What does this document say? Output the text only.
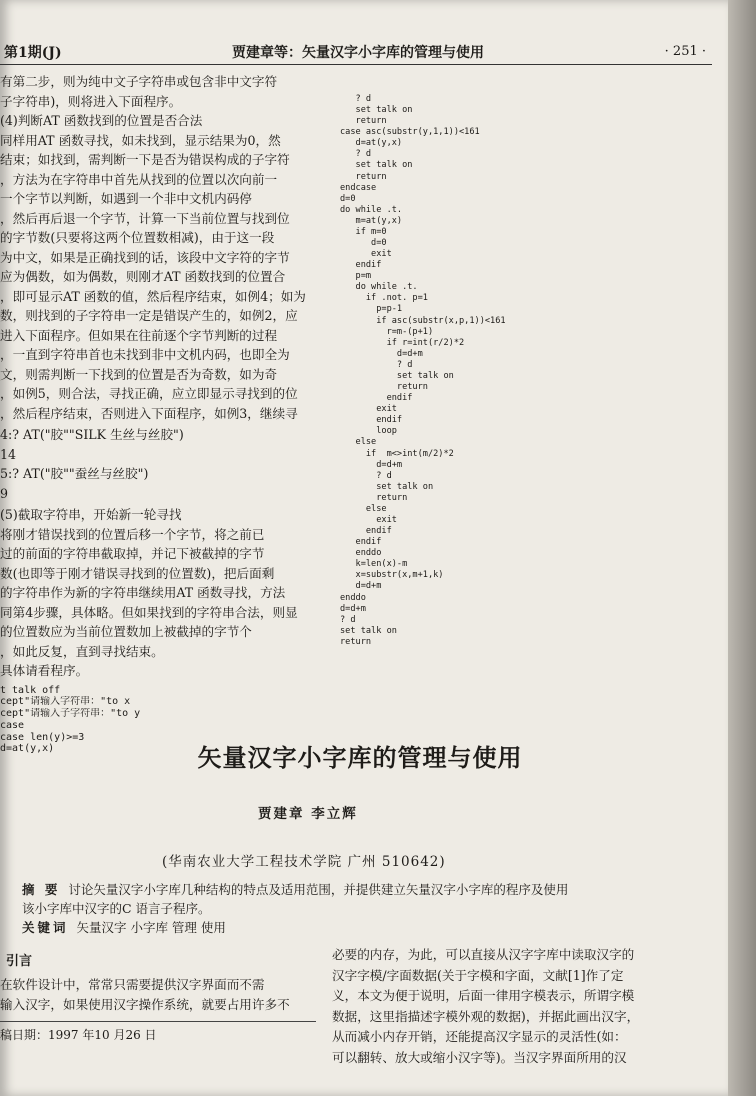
第1期(J)	贾建章等：矢量汉字小字库的管理与使用	· 251 ·

有第二步，则为纯中文子字符串或包含非中文字符

子字符串)，则将进入下面程序。

(4)判断AT 函数找到的位置是否合法

同样用AT 函数寻找，如未找到，显示结果为0，然

结束；如找到，需判断一下是否为错误构成的子字符

，方法为在字符串中首先从找到的位置以次向前一

一个字节以判断，如遇到一个非中文机内码停

，然后再后退一个字节，计算一下当前位置与找到位

的字节数(只要将这两个位置数相减)，由于这一段

为中文，如果是正确找到的话，该段中文字符的字节

应为偶数，如为偶数，则刚才AT 函数找到的位置合

，即可显示AT 函数的值，然后程序结束，如例4；如为

数，则找到的子字符串一定是错误产生的，如例2，应

进入下面程序。但如果在往前逐个字节判断的过程

，一直到字符串首也未找到非中文机内码，也即全为

文，则需判断一下找到的位置是否为奇数，如为奇

，如例5，则合法，寻找正确，应立即显示寻找到的位

，然后程序结束，否则进入下面程序，如例3，继续寻

4:? AT("胶""SILK 生丝与丝胶")

14

5:? AT("胶""蚕丝与丝胶")

9

(5)截取字符串，开始新一轮寻找

将刚才错误找到的位置后移一个字节，将之前已

过的前面的字符串截取掉，并记下被截掉的字节

数(也即等于刚才错误寻找到的位置数)，把后面剩

的字符串作为新的字符串继续用AT 函数寻找，方法

同第4步骤，具体略。但如果找到的字符串合法，则显

的位置数应为当前位置数加上被截掉的字节个

，如此反复，直到寻找结束。

具体请看程序。

t talk off

cept"请输入字符串："to x

cept"请输入子字符串："to y

case

case len(y)>=3

d=at(y,x)

? d
set talk on
return
case asc(substr(y,1,1))<161
d=at(y,x)
? d
set talk on
return
endcase
d=0
do while .t.
m=at(y,x)
if m=0
d=0
exit
endif
p=m
do while .t.
if .not. p=1
p=p-1
if asc(substr(x,p,1))<161
r=m-(p+1)
if r=int(r/2)*2
d=d+m
? d
set talk on
return
endif
exit
endif
loop
else
if  m<>int(m/2)*2
d=d+m
? d
set talk on
return
else
exit
endif
endif
enddo
k=len(x)-m
x=substr(x,m+1,k)
d=d+m
enddo
d=d+m
? d
set talk on
return
矢量汉字小字库的管理与使用
贾建章 李立辉
(华南农业大学工程技术学院 广州 510642)
摘 要 讨论矢量汉字小字库几种结构的特点及适用范围，并提供建立矢量汉字小字库的程序及使用
该小字库中汉字的C 语言子程序。
关键词 矢量汉字 小字库 管理 使用
引言

在软件设计中，常常只需要提供汉字界面而不需

输入汉字，如果使用汉字操作系统，就要占用许多不

稿日期：1997 年10 月26 日

必要的内存，为此，可以直接从汉字字库中读取汉字的

汉字字模/字面数据(关于字模和字面，文献[1]作了定

义，本文为便于说明，后面一律用字模表示，所谓字模

数据，这里指描述字模外观的数据)，并据此画出汉字，

从而减小内存开销，还能提高汉字显示的灵活性(如：

可以翻转、放大或缩小汉字等)。当汉字界面所用的汉
